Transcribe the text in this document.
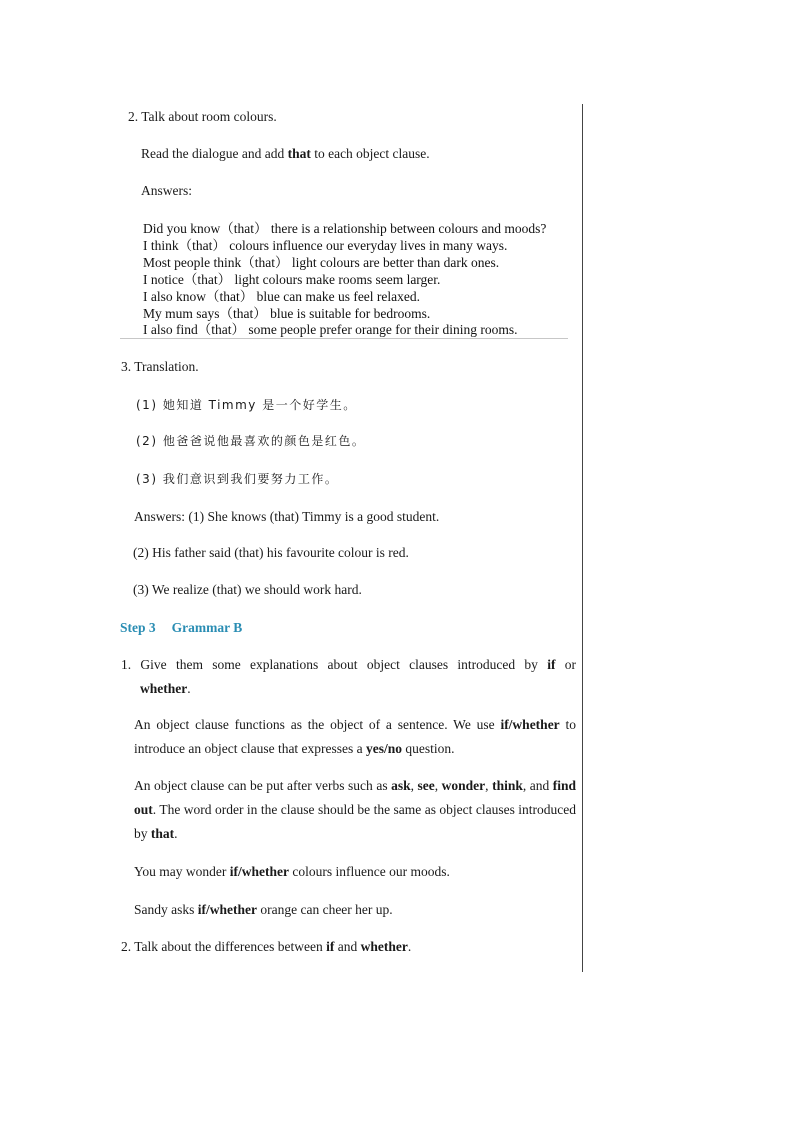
2. Talk about room colours.
Read the dialogue and add that to each object clause.
Answers:
Did you know（that） there is a relationship between colours and moods?
I think（that） colours influence our everyday lives in many ways.
Most people think（that） light colours are better than dark ones.
I notice（that） light colours make rooms seem larger.
I also know（that） blue can make us feel relaxed.
My mum says（that） blue is suitable for bedrooms.
I also find（that） some people prefer orange for their dining rooms.
3. Translation.
(1) 她知道 Timmy 是一个好学生。
(2) 他爸爸说他最喜欢的颜色是红色。
(3) 我们意识到我们要努力工作。
Answers: (1) She knows (that) Timmy is a good student.
(2) His father said (that) his favourite colour is red.
(3) We realize (that) we should work hard.
Step 3 Grammar B
1. Give them some explanations about object clauses introduced by if or
whether.
An object clause functions as the object of a sentence. We use if/whether to introduce an object clause that expresses a yes/no question.
An object clause can be put after verbs such as ask, see, wonder, think, and find out. The word order in the clause should be the same as object clauses introduced by that.
You may wonder if/whether colours influence our moods.
Sandy asks if/whether orange can cheer her up.
2. Talk about the differences between if and whether.
